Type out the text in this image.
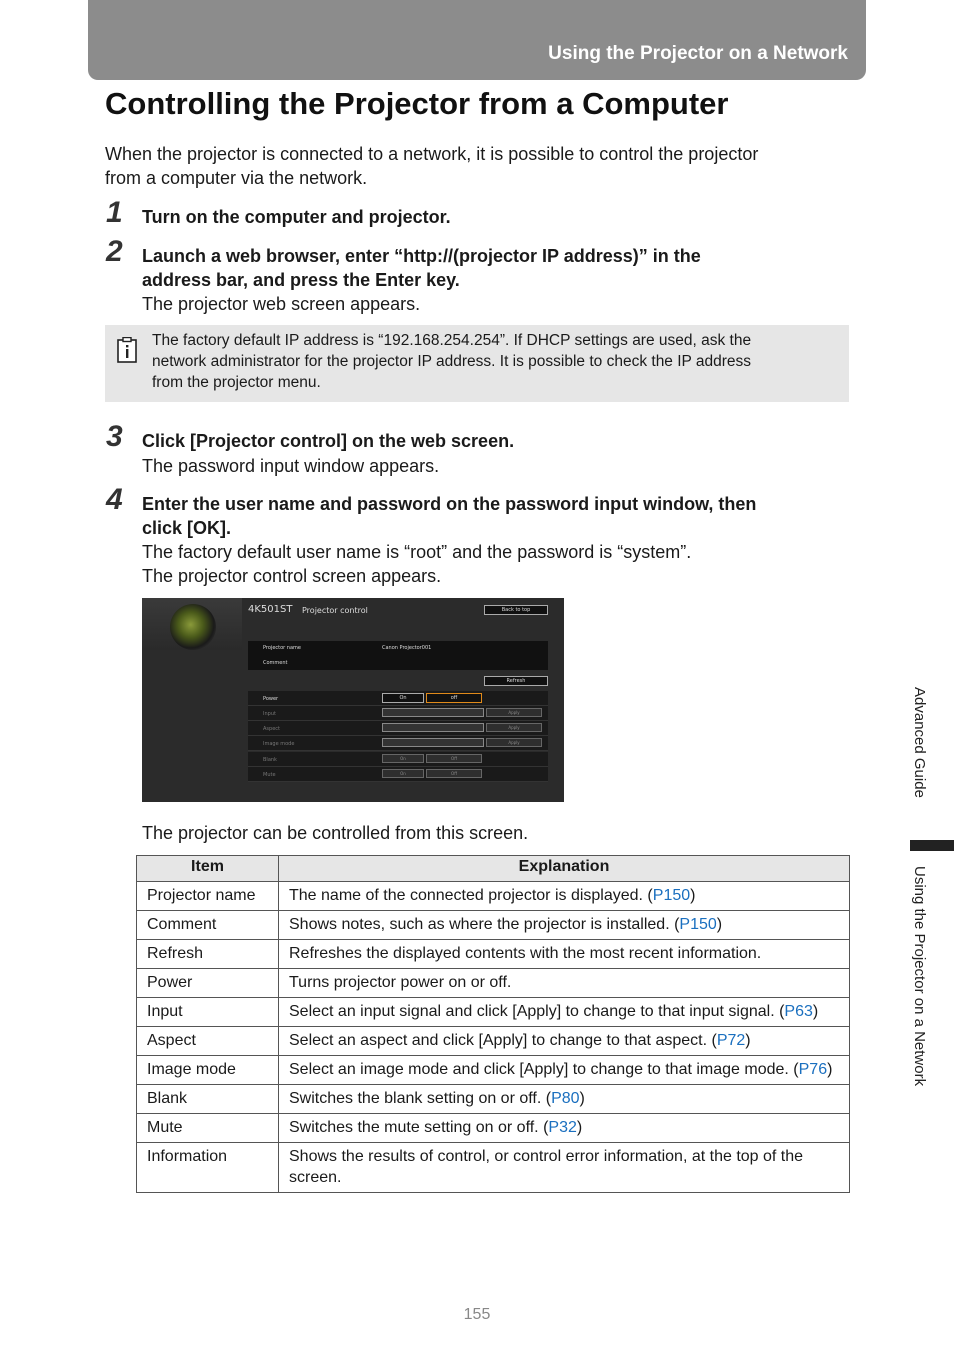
Using the Projector on a Network
Controlling the Projector from a Computer

When the projector is connected to a network, it is possible to control the projector

from a computer via the network.

1 Turn on the computer and projector.
2 Launch a web browser, enter “http://(projector IP address)” in the
address bar, and press the Enter key.
The projector web screen appears.
The factory default IP address is “192.168.254.254”. If DHCP settings are used, ask the
network administrator for the projector IP address. It is possible to check the IP address
from the projector menu.
3 Click [Projector control] on the web screen.
The password input window appears.
4 Enter the user name and password on the password input window, then
click [OK].
The factory default user name is “root” and the password is “system”.
The projector control screen appears.
4K501ST Projector control	Back to top
Projector name	Canon Projector001
Comment
Refresh
Power	On	off
Input	Apply
Aspect	Apply
Image mode	Apply
Blank	On	Off
Mute	On	Off
The projector can be controlled from this screen.
Item	Explanation
Projector name	The name of the connected projector is displayed. (P150)
Comment	Shows notes, such as where the projector is installed. (P150)
Refresh	Refreshes the displayed contents with the most recent information.
Power	Turns projector power on or off.
Input	Select an input signal and click [Apply] to change to that input signal. (P63)
Aspect	Select an aspect and click [Apply] to change to that aspect. (P72)
Image mode	Select an image mode and click [Apply] to change to that image mode. (P76)
Blank	Switches the blank setting on or off. (P80)
Mute	Switches the mute setting on or off. (P32)
Information	Shows the results of control, or control error information, at the top of the screen.
Advanced Guide
Using the Projector on a Network
155
